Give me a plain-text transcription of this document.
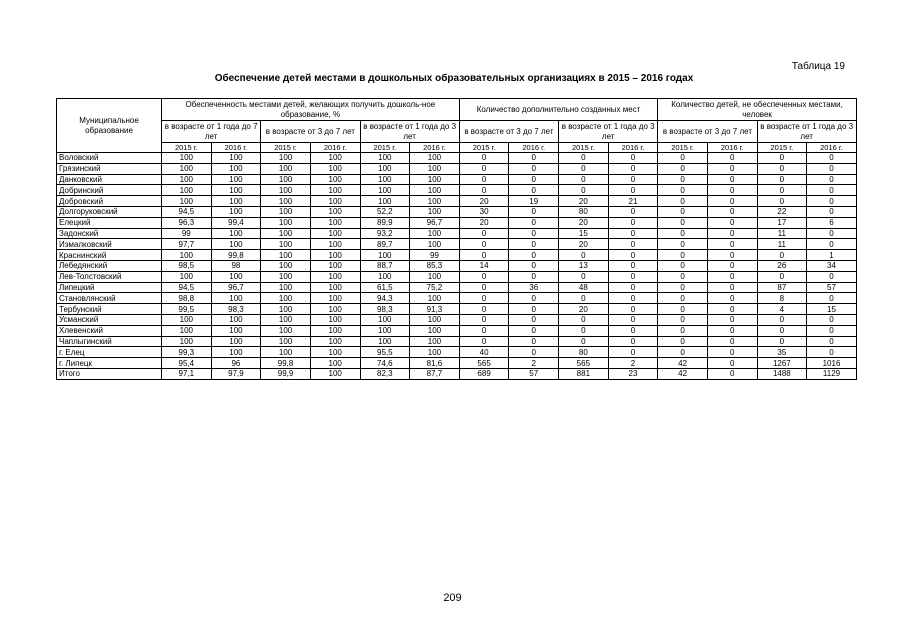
Таблица 19
Обеспечение детей местами в дошкольных образовательных организациях в 2015 – 2016 годах
Муниципальное образование	Обеспеченность местами детей, желающих получить дошколь-ное образование, %						Количество дополнительно созданных мест				Количество детей, не обеспеченных местами, человек			
	в возрасте от 1 года до 7 лет		в возрасте от 3 до 7 лет		в возрасте от 1 года до 3 лет		в возрасте от 3 до 7 лет		в возрасте от 1 года до 3 лет		в возрасте от 3 до 7 лет		в возрасте от 1 года до 3 лет	
	2015 г.	2016 г.	2015 г.	2016 г.	2015 г.	2016 г.	2015 г.	2016 г.	2015 г.	2016 г.	2015 г.	2016 г.	2015 г.	2016 г.
Воловский	100	100	100	100	100	100	0	0	0	0	0	0	0	0
Грязинский	100	100	100	100	100	100	0	0	0	0	0	0	0	0
Данковский	100	100	100	100	100	100	0	0	0	0	0	0	0	0
Добринский	100	100	100	100	100	100	0	0	0	0	0	0	0	0
Добровский	100	100	100	100	100	100	20	19	20	21	0	0	0	0
Долгоруковский	94,5	100	100	100	52,2	100	30	0	80	0	0	0	22	0
Елецкий	96,3	99,4	100	100	89,9	96,7	20	0	20	0	0	0	17	6
Задонский	99	100	100	100	93,2	100	0	0	15	0	0	0	11	0
Измалковский	97,7	100	100	100	89,7	100	0	0	20	0	0	0	11	0
Краснинский	100	99,8	100	100	100	99	0	0	0	0	0	0	0	1
Лебедянский	98,5	98	100	100	88,7	85,3	14	0	13	0	0	0	26	34
Лев-Толстовский	100	100	100	100	100	100	0	0	0	0	0	0	0	0
Липецкий	94,5	96,7	100	100	61,5	75,2	0	36	48	0	0	0	87	57
Становлянский	98,8	100	100	100	94,3	100	0	0	0	0	0	0	8	0
Тербунский	99,5	98,3	100	100	98,3	91,3	0	0	20	0	0	0	4	15
Усманский	100	100	100	100	100	100	0	0	0	0	0	0	0	0
Хлевенский	100	100	100	100	100	100	0	0	0	0	0	0	0	0
Чаплыгинский	100	100	100	100	100	100	0	0	0	0	0	0	0	0
г. Елец	99,3	100	100	100	95,5	100	40	0	80	0	0	0	35	0
г. Липецк	95,4	96	99,8	100	74,6	81,6	565	2	565	2	42	0	1267	1016
Итого	97,1	97,9	99,9	100	82,3	87,7	689	57	881	23	42	0	1488	1129
209
